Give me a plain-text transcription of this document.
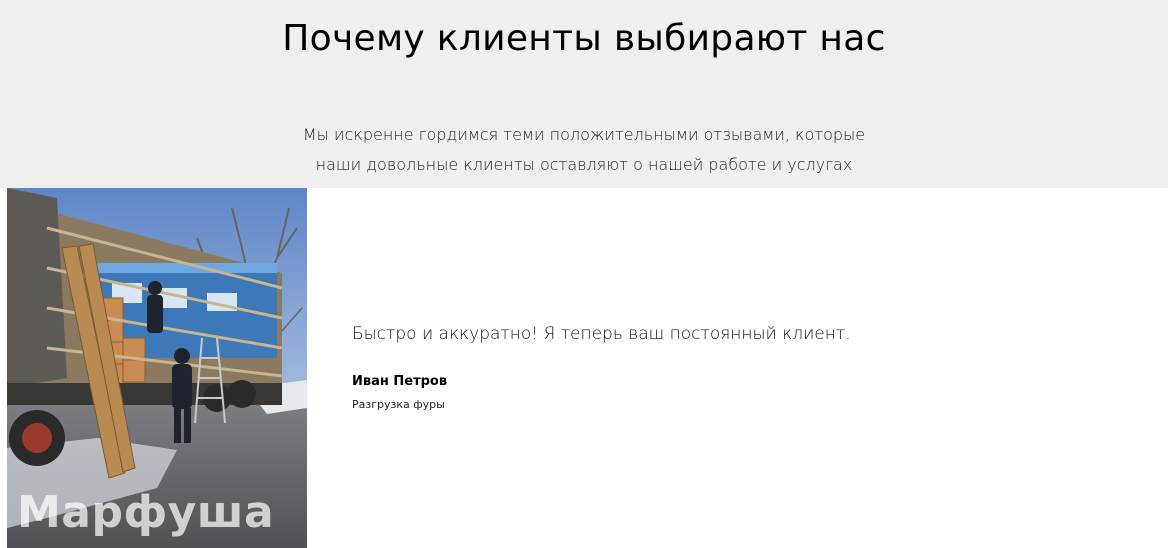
Почему клиенты выбирают нас

Мы искренне гордимся теми положительными отзывами, которые
наши довольные клиенты оставляют о нашей работе и услугах

Марфуша

Быстро и аккуратно! Я теперь ваш постоянный клиент.

Иван Петров
Разгрузка фуры
